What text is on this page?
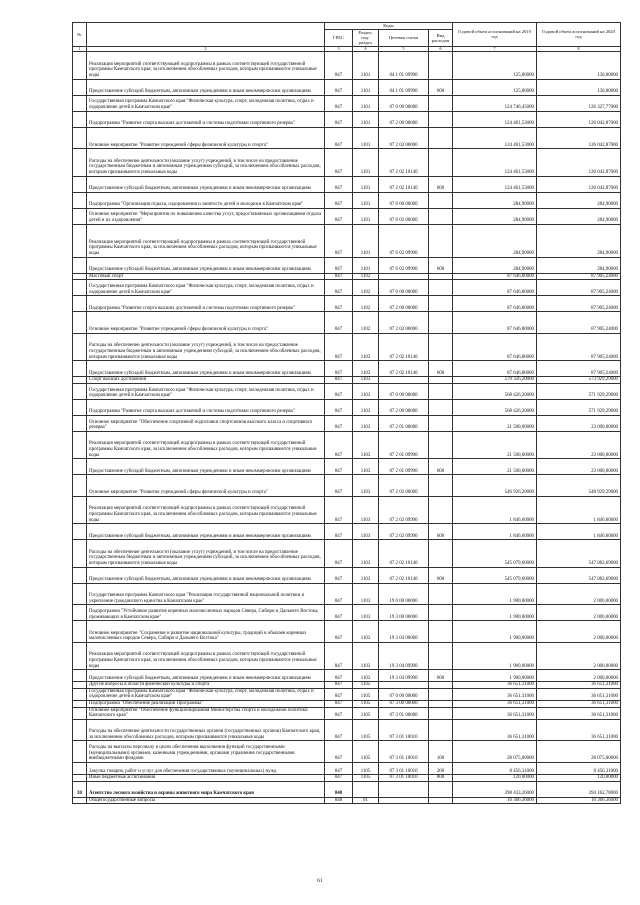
№		Коды				Годовой объем ассигнований на 2019 год	Годовой объем ассигнований на 2020 год
		ГРБС	Раздел, под-раздел	Целевая статья	Вид расходов		
1	2	3	4	5	6	7	8
	Реализация мероприятий соответствующей подпрограммы в рамках соответствующей государственной программы Камчатского края, за исключением обособленных расходов, которым присваиваются уникальные коды	847	1101	04 1 01 09990		125,00000	130,00000
	Предоставление субсидий бюджетным, автономным учреждениям и иным некоммерческим организациям	847	1101	04 1 01 09990	600	125,00000	130,00000
	Государственная программа Камчатского края "Физическая культура, спорт, молодежная политика, отдых и оздоровление детей в Камчатском крае"	847	1101	07 0 00 00000		124 746,45000	126 327,77000
	Подпрограмма "Развитие спорта высших достижений и системы подготовки спортивного резерва"	847	1101	07 2 00 00000		124 461,53000	126 042,87000
	Основное мероприятие "Развитие учреждений сферы физической культуры и спорта"	847	1101	07 2 02 00000		124 461,53000	126 042,87000
	Расходы на обеспечение деятельности (оказание услуг) учреждений, в том числе на предоставление государственным бюджетным и автономным учреждениям субсидий, за исключением обособленных расходов, которым присваиваются уникальные коды	847	1101	07 2 02 10140		124 461,53000	126 042,87000
	Предоставление субсидий бюджетным, автономным учреждениям и иным некоммерческим организациям	847	1101	07 2 02 10140	600	124 461,53000	126 042,87000
	Подпрограмма "Организация отдыха, оздоровления и занятости детей и молодежи в Камчатском крае"	847	1101	07 6 00 00000		284,90000	284,90000
	Основное мероприятие "Мероприятия по повышению качества услуг, предоставляемых организациями отдыха детей и их оздоровления"	847	1101	07 6 02 00000		284,90000	284,90000
	Реализация мероприятий соответствующей подпрограммы в рамках соответствующей государственной программы Камчатского края, за исключением обособленных расходов, которым присваиваются уникальные коды	847	1101	07 6 02 09990		284,90000	284,90000
	Предоставление субсидий бюджетным, автономным учреждениям и иным некоммерческим организациям	847	1101	07 6 02 09990	600	284,90000	284,90000
	Массовый спорт	847	1102			87 646,80000	87 905,24000
	Государственная программа Камчатского края "Физическая культура, спорт, молодежная политика, отдых и оздоровление детей в Камчатском крае"	847	1102	07 0 00 00000		87 646,80000	87 905,24000
	Подпрограмма "Развитие спорта высших достижений и системы подготовки спортивного резерва"	847	1102	07 2 00 00000		87 646,80000	87 905,24000
	Основное мероприятие "Развитие учреждений сферы физической культуры и спорта"	847	1102	07 2 02 00000		87 646,80000	87 905,24000
	Расходы на обеспечение деятельности (оказание услуг) учреждений, в том числе на предоставление государственным бюджетным и автономным учреждениям субсидий, за исключением обособленных расходов, которым присваиваются уникальные коды	847	1102	07 2 02 10140		87 646,80000	87 905,24000
	Предоставление субсидий бюджетным, автономным учреждениям и иным некоммерческим организациям	847	1102	07 2 02 10140	600	87 646,80000	87 905,24000
	Спорт высших достижений	847	1103			570 326,20000	573 929,29000
	Государственная программа Камчатского края "Физическая культура, спорт, молодежная политика, отдых и оздоровление детей в Камчатском крае"	847	1103	07 0 00 00000		568 426,20000	571 929,29000
	Подпрограмма "Развитие спорта высших достижений и системы подготовки спортивного резерва"	847	1103	07 2 00 00000		568 426,20000	571 929,29000
	Основное мероприятие "Обеспечение спортивной подготовки спортсменов высокого класса и спортивного резерва"	847	1103	07 2 01 00000		21 500,00000	23 000,00000
	Реализация мероприятий соответствующей подпрограммы в рамках соответствующей государственной программы Камчатского края, за исключением обособленных расходов, которым присваиваются уникальные коды	847	1103	07 2 01 09990		21 500,00000	23 000,00000
	Предоставление субсидий бюджетным, автономным учреждениям и иным некоммерческим организациям	847	1103	07 2 01 09990	600	21 500,00000	23 000,00000
	Основное мероприятие "Развитие учреждений сферы физической культуры и спорта"	847	1103	07 2 02 00000		546 926,20000	548 929,29000
	Реализация мероприятий соответствующей подпрограммы в рамках соответствующей государственной программы Камчатского края, за исключением обособленных расходов, которым присваиваются уникальные коды	847	1103	07 2 02 09990		1 846,60000	1 846,60000
	Предоставление субсидий бюджетным, автономным учреждениям и иным некоммерческим организациям	847	1103	07 2 02 09990	600	1 846,60000	1 846,60000
	Расходы на обеспечение деятельности (оказание услуг) учреждений, в том числе на предоставление государственным бюджетным и автономным учреждениям субсидий, за исключением обособленных расходов, которым присваиваются уникальные коды	847	1103	07 2 02 10140		545 079,60000	547 082,69000
	Предоставление субсидий бюджетным, автономным учреждениям и иным некоммерческим организациям	847	1103	07 2 02 10140	600	545 079,60000	547 082,69000
	Государственная программа Камчатского края "Реализация государственной национальной политики и укрепление гражданского единства в Камчатском крае"	847	1103	19 0 00 00000		1 900,00000	2 000,00000
	Подпрограмма "Устойчивое развитие коренных малочисленных народов Севера, Сибири и Дальнего Востока, проживающих в Камчатском крае"	847	1103	19 3 00 00000		1 900,00000	2 000,00000
	Основное мероприятие "Сохранение и развитие национальной культуры, традиций и обычаев коренных малочисленных народов Севера, Сибири и Дальнего Востока"	847	1103	19 3 04 00000		1 900,00000	2 000,00000
	Реализация мероприятий соответствующей подпрограммы в рамках соответствующей государственной программы Камчатского края, за исключением обособленных расходов, которым присваиваются уникальные коды	847	1103	19 3 04 09990		1 900,00000	2 000,00000
	Предоставление субсидий бюджетным, автономным учреждениям и иным некоммерческим организациям	847	1103	19 3 04 09990	600	1 900,00000	2 000,00000
	Другие вопросы в области физической культуры и спорта	847	1105			36 651,31000	36 651,31000
	Государственная программа Камчатского края "Физическая культура, спорт, молодежная политика, отдых и оздоровление детей в Камчатском крае"	847	1105	07 0 00 00000		36 651,31000	36 651,31000
	Подпрограмма "Обеспечение реализации Программы"	847	1105	07 3 00 00000		36 651,31000	36 651,31000
	Основное мероприятие "Обеспечение функционирования Министерства спорта и молодежной политики Камчатского края"	847	1105	07 3 01 00000		36 651,31000	36 651,31000
	Расходы на обеспечение деятельности государственных органов (государственных органов) Камчатского края, за исключением обособленных расходов, которым присваиваются уникальные коды	847	1105	07 3 01 10010		36 651,31000	36 651,31000
	Расходы на выплаты персоналу в целях обеспечения выполнения функций государственными (муниципальными) органами, казенными учреждениями, органами управления государственными внебюджетными фондами	847	1105	07 3 01 10010	100	28 075,00000	28 075,00000
	Закупка товаров, работ и услуг для обеспечения государственных (муниципальных) нужд	847	1105	07 3 01 10010	200	8 456,31000	8 456,31000
	Иные бюджетные ассигнования	847	1105	07 3 01 10010	800	120,00000	120,00000
30	Агентство лесного хозяйства и охраны животного мира Камчатского края	848				398 433,26000	394 162,78000
	Общегосударственные вопросы	848	01			16 366,36000	16 366,36000
61
